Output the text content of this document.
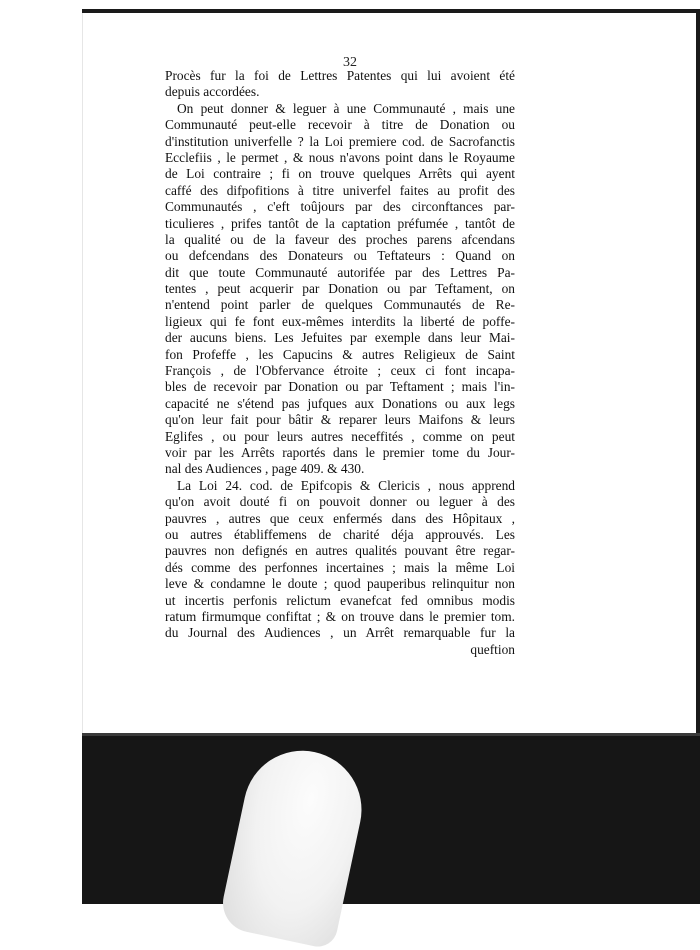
32
Procès fur la foi de Lettres Patentes qui lui avoient été
depuis accordées.
On peut donner & leguer à une Communauté , mais une
Communauté peut-elle recevoir à titre de Donation ou
d'institution univerfelle ? la Loi premiere cod. de Sacrofanctis
Ecclefiis , le permet , & nous n'avons point dans le Royaume
de Loi contraire ; fi on trouve quelques Arrêts qui ayent
caffé des difpofitions à titre univerfel faites au profit des
Communautés , c'eft toûjours par des circonftances par-
ticulieres , prifes tantôt de la captation préfumée , tantôt de
la qualité ou de la faveur des proches parens afcendans
ou defcendans des Donateurs ou Teftateurs : Quand on
dit que toute Communauté autorifée par des Lettres Pa-
tentes , peut acquerir par Donation ou par Teftament, on
n'entend point parler de quelques Communautés de Re-
ligieux qui fe font eux-mêmes interdits la liberté de poffe-
der aucuns biens. Les Jefuites par exemple dans leur Mai-
fon Profeffe , les Capucins & autres Religieux de Saint
François , de l'Obfervance étroite ; ceux ci font incapa-
bles de recevoir par Donation ou par Teftament ; mais l'in-
capacité ne s'étend pas jufques aux Donations ou aux legs
qu'on leur fait pour bâtir & reparer leurs Maifons & leurs
Eglifes , ou pour leurs autres neceffités , comme on peut
voir par les Arrêts raportés dans le premier tome du Jour-
nal des Audiences , page 409. & 430.
La Loi 24. cod. de Epifcopis & Clericis , nous apprend
qu'on avoit douté fi on pouvoit donner ou leguer à des
pauvres , autres que ceux enfermés dans des Hôpitaux ,
ou autres établiffemens de charité déja approuvés. Les
pauvres non defignés en autres qualités pouvant être regar-
dés comme des perfonnes incertaines ; mais la même Loi
leve & condamne le doute ; quod pauperibus relinquitur non
ut incertis perfonis relictum evanefcat fed omnibus modis
ratum firmumque confiftat ; & on trouve dans le premier tom.
du Journal des Audiences , un Arrêt remarquable fur la
queftion
